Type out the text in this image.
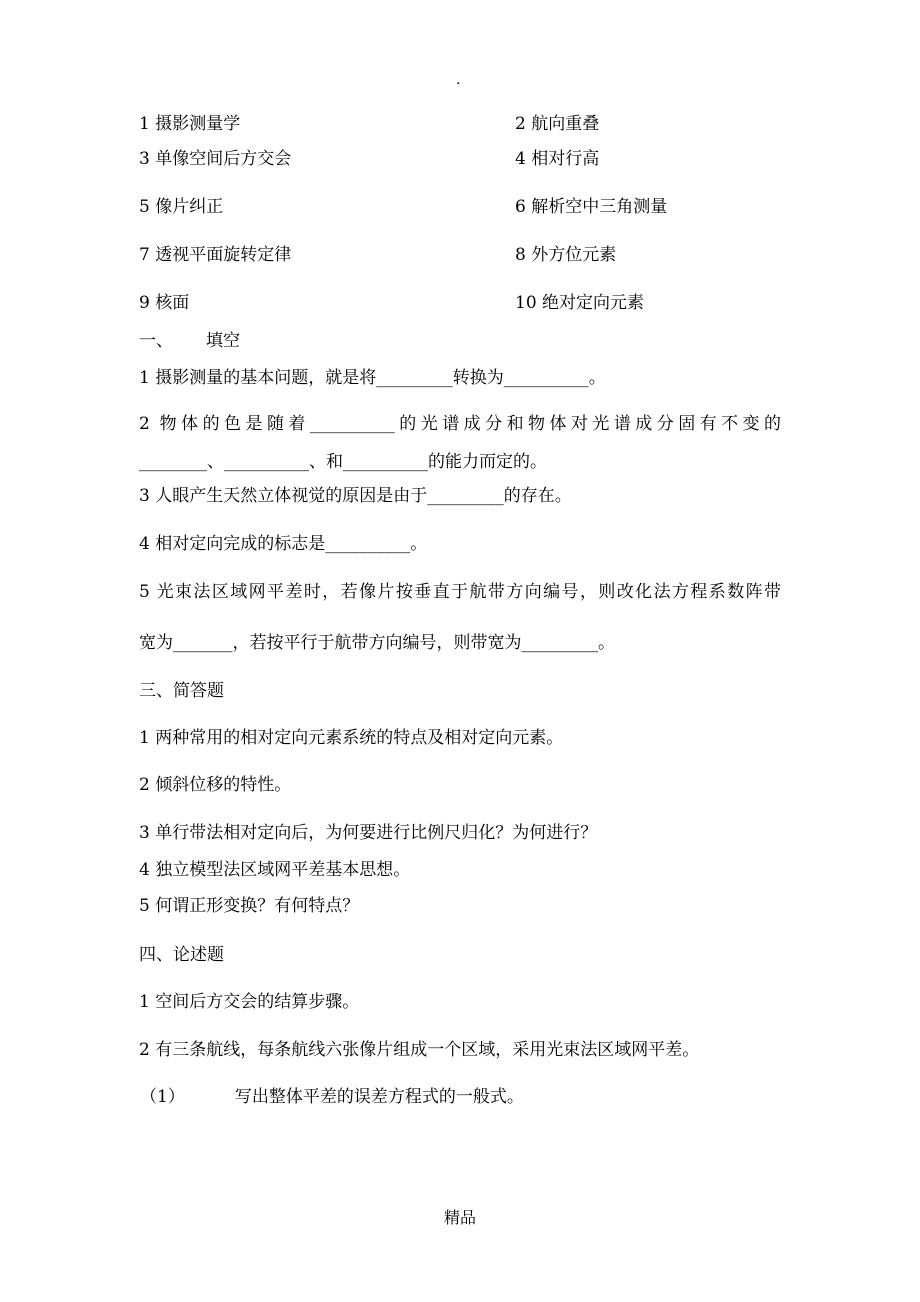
.
1 摄影测量学	2 航向重叠
3 单像空间后方交会	4 相对行高
5 像片纠正	6 解析空中三角测量
7 透视平面旋转定律	8 外方位元素
9 核面	10 绝对定向元素
一、 填空
1 摄影测量的基本问题，就是将_________转换为__________。
2 物体的色是随着__________的光谱成分和物体对光谱成分固有不变的
________、__________、和__________的能力而定的。
3 人眼产生天然立体视觉的原因是由于_________的存在。
4 相对定向完成的标志是__________。
5 光束法区域网平差时，若像片按垂直于航带方向编号，则改化法方程系数阵带
宽为_______，若按平行于航带方向编号，则带宽为_________。
三、简答题
1 两种常用的相对定向元素系统的特点及相对定向元素。
2 倾斜位移的特性。
3 单行带法相对定向后，为何要进行比例尺归化？为何进行？
4 独立模型法区域网平差基本思想。
5 何谓正形变换？有何特点？
四、论述题
1 空间后方交会的结算步骤。
2 有三条航线，每条航线六张像片组成一个区域，采用光束法区域网平差。
（1）	写出整体平差的误差方程式的一般式。
精品
